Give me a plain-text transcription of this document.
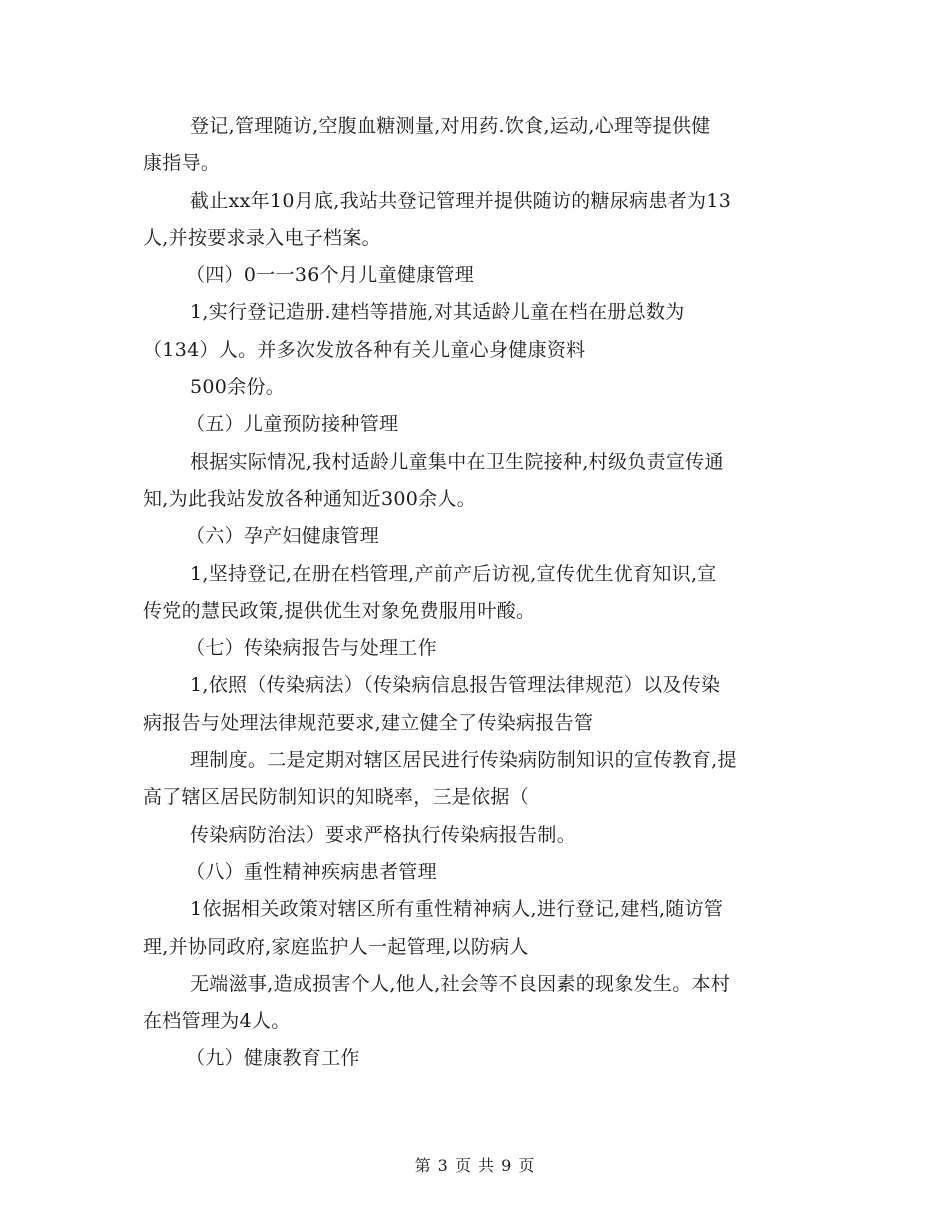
登记,管理随访,空腹血糖测量,对用药.饮食,运动,心理等提供健
康指导。
截止xx年10月底,我站共登记管理并提供随访的糖尿病患者为13
人,并按要求录入电子档案。
（四）0一一36个月儿童健康管理
1,实行登记造册.建档等措施,对其适龄儿童在档在册总数为
（134）人。并多次发放各种有关儿童心身健康资料
500余份。
（五）儿童预防接种管理
根据实际情况,我村适龄儿童集中在卫生院接种,村级负责宣传通
知,为此我站发放各种通知近300余人。
（六）孕产妇健康管理
1,坚持登记,在册在档管理,产前产后访视,宣传优生优育知识,宣
传党的慧民政策,提供优生对象免费服用叶酸。
（七）传染病报告与处理工作
1,依照（传染病法）（传染病信息报告管理法律规范）以及传染
病报告与处理法律规范要求,建立健全了传染病报告管
理制度。二是定期对辖区居民进行传染病防制知识的宣传教育,提
高了辖区居民防制知识的知晓率，三是依据（
传染病防治法）要求严格执行传染病报告制。
（八）重性精神疾病患者管理
1依据相关政策对辖区所有重性精神病人,进行登记,建档,随访管
理,并协同政府,家庭监护人一起管理,以防病人
无端滋事,造成损害个人,他人,社会等不良因素的现象发生。本村
在档管理为4人。
（九）健康教育工作
第 3 页 共 9 页
